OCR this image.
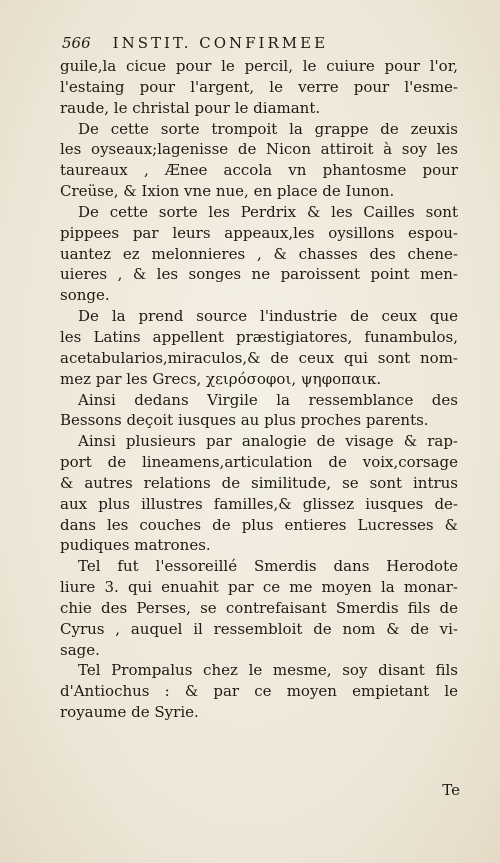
566 INSTIT. CONFIRMEE
guile,la cicue pour le percil, le cuiure pour l'or,
l'estaing pour l'argent, le verre pour l'esme-
raude, le christal pour le diamant.
De cette sorte trompoit la grappe de zeuxis
les oyseaux;lagenisse de Nicon attiroit à soy les
taureaux , Ænee accola vn phantosme pour
Creüse, & Ixion vne nue, en place de Iunon.
De cette sorte les Perdrix & les Cailles sont
pippees par leurs appeaux,les oysillons espou-
uantez ez melonnieres , & chasses des chene-
uieres , & les songes ne paroissent point men-
songe.
De la prend source l'industrie de ceux que
les Latins appellent præstigiatores, funambulos,
acetabularios,miraculos,& de ceux qui sont nom-
mez par les Grecs, χειρόσοφοι, ψηφοπαικ.
Ainsi dedans Virgile la ressemblance des
Bessons deçoit iusques au plus proches parents.
Ainsi plusieurs par analogie de visage & rap-
port de lineamens,articulation de voix,corsage
& autres relations de similitude, se sont intrus
aux plus illustres familles,& glissez iusques de-
dans les couches de plus entieres Lucresses &
pudiques matrones.
Tel fut l'essoreillé Smerdis dans Herodote
liure 3. qui enuahit par ce me moyen la monar-
chie des Perses, se contrefaisant Smerdis fils de
Cyrus , auquel il ressembloit de nom & de vi-
sage.
Tel Prompalus chez le mesme, soy disant fils
d'Antiochus : & par ce moyen empietant le
royaume de Syrie.
Te
